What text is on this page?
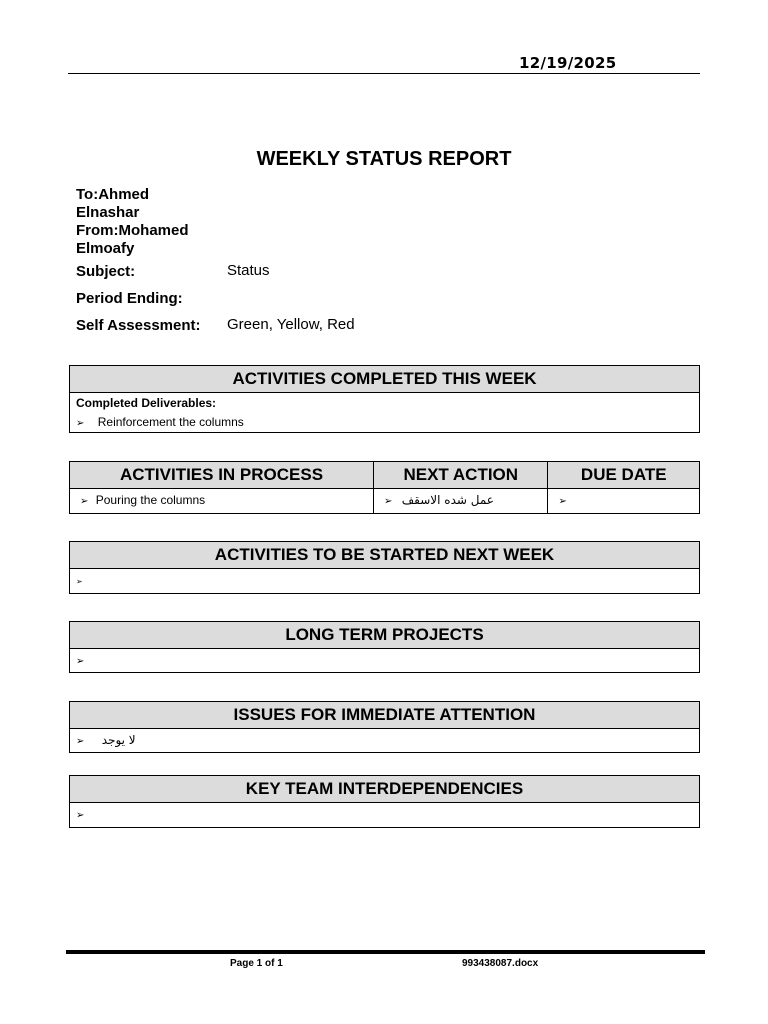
12/19/2025
WEEKLY STATUS REPORT
To:Ahmed
Elnashar
From:Mohamed
Elmoafy
Subject:	Status
Period Ending:
Self Assessment: Green, Yellow, Red
ACTIVITIES COMPLETED THIS WEEK
Completed Deliverables:
➢ Reinforcement the columns
ACTIVITIES IN PROCESS	NEXT ACTION	DUE DATE
➢ Pouring the columns	➢ عمل شده الاسقف	➢
ACTIVITIES TO BE STARTED NEXT WEEK
➢
LONG TERM PROJECTS
➢
ISSUES FOR IMMEDIATE ATTENTION
➢ لا يوجد
KEY TEAM INTERDEPENDENCIES
➢
Page 1 of 1	993438087.docx
